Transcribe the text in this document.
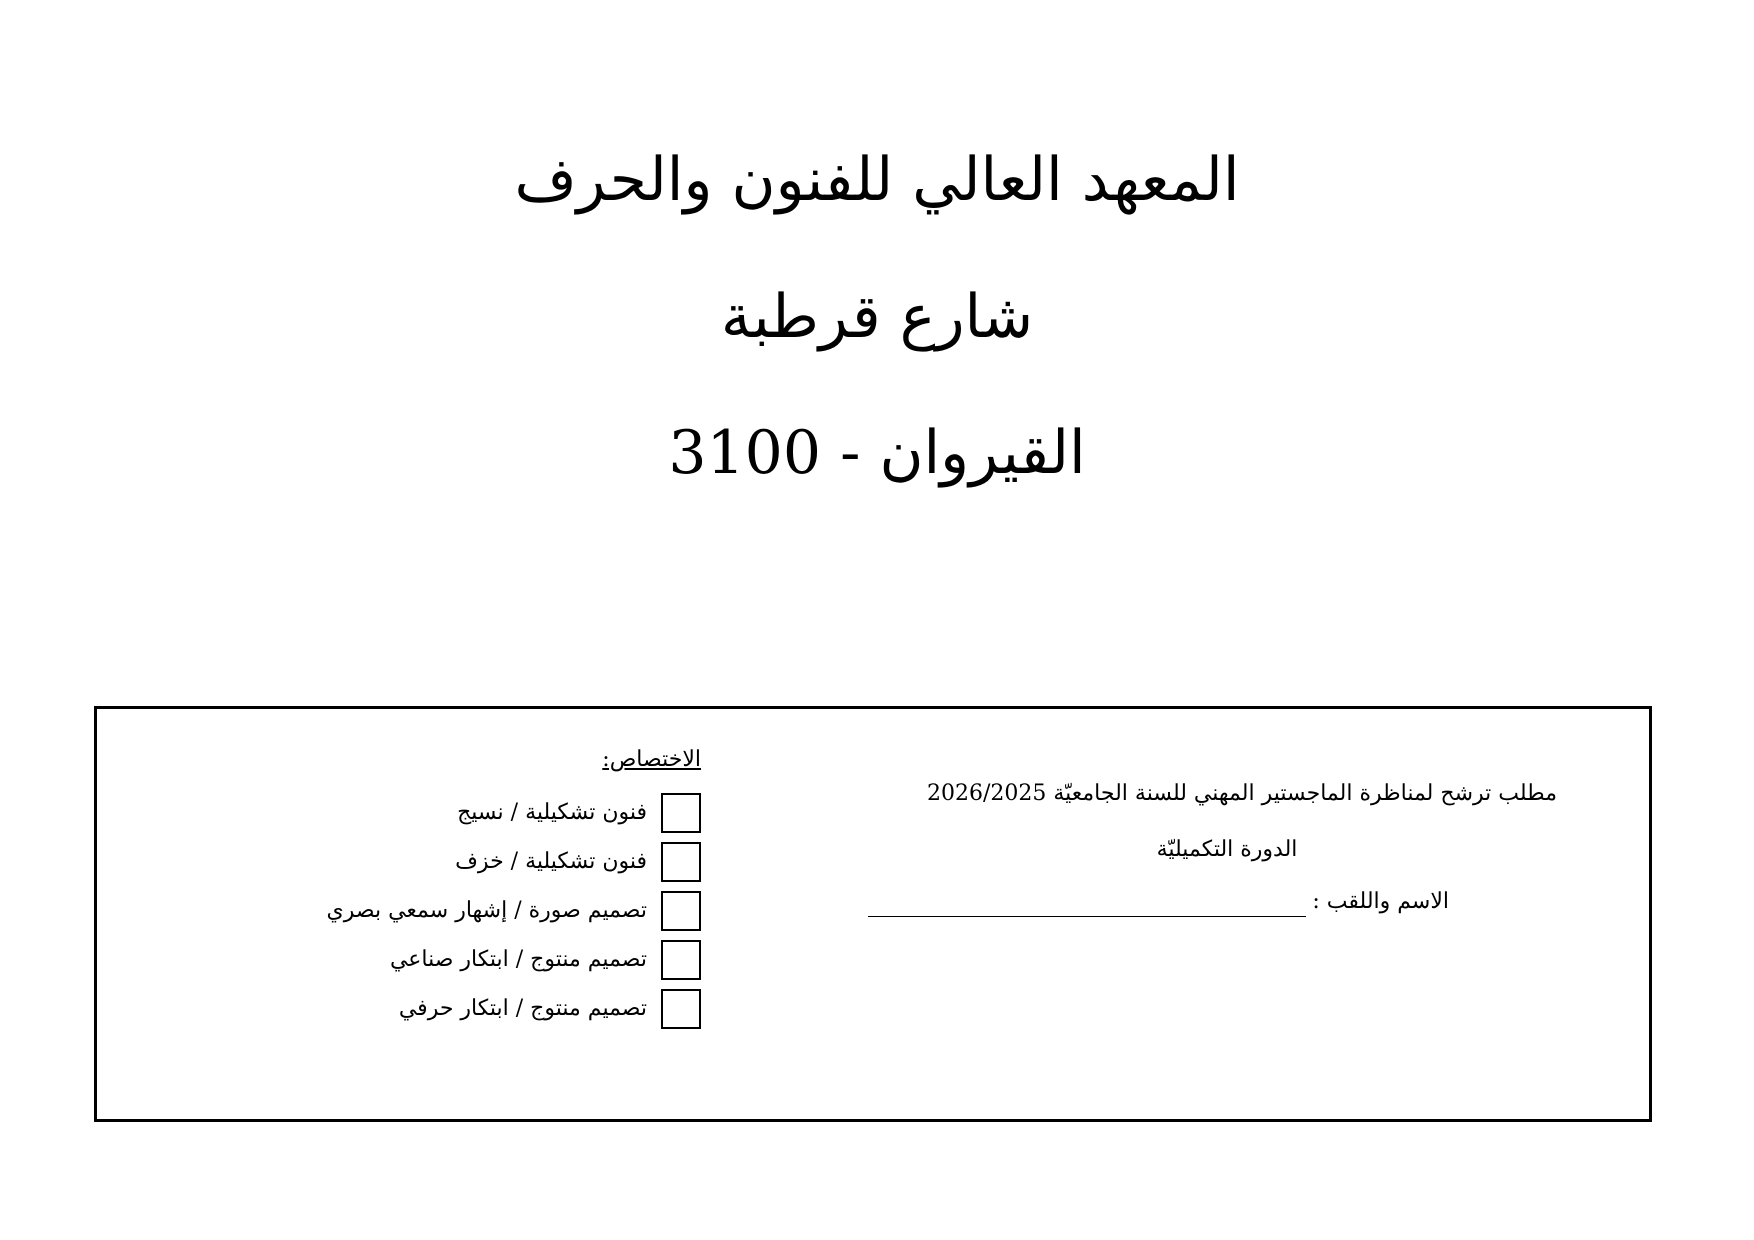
المعهد العالي للفنون والحرف
شارع قرطبة
القيروان - 3100
مطلب ترشح لمناظرة الماجستير المهني للسنة الجامعيّة 2026/2025
الدورة التكميليّة
الاسم واللقب :
الاختصاص:
فنون تشكيلية / نسيج
فنون تشكيلية / خزف
تصميم صورة / إشهار سمعي بصري
تصميم منتوج / ابتكار صناعي
تصميم منتوج / ابتكار حرفي
